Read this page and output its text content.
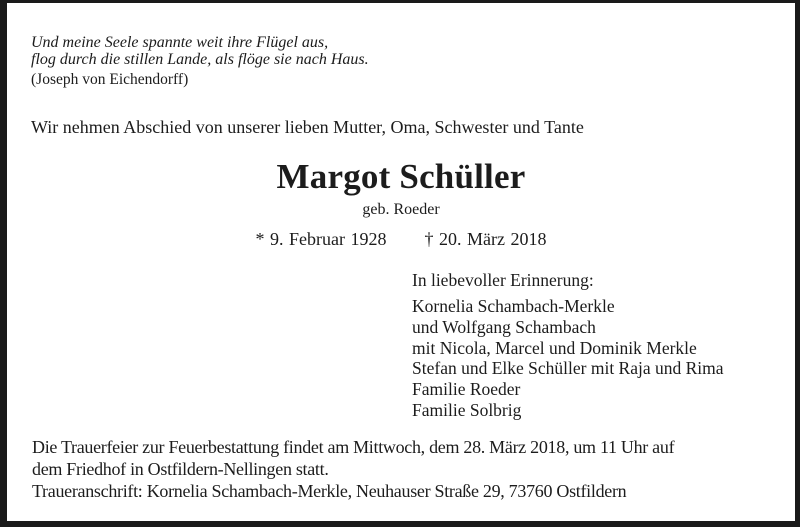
Und meine Seele spannte weit ihre Flügel aus,
flog durch die stillen Lande, als flöge sie nach Haus.
(Joseph von Eichendorff)
Wir nehmen Abschied von unserer lieben Mutter, Oma, Schwester und Tante
Margot Schüller
geb. Roeder
* 9. Februar 1928 † 20. März 2018
In liebevoller Erinnerung:
Kornelia Schambach-Merkle
und Wolfgang Schambach
mit Nicola, Marcel und Dominik Merkle
Stefan und Elke Schüller mit Raja und Rima
Familie Roeder
Familie Solbrig
Die Trauerfeier zur Feuerbestattung findet am Mittwoch, dem 28. März 2018, um 11 Uhr auf
dem Friedhof in Ostfildern-Nellingen statt.
Traueranschrift: Kornelia Schambach-Merkle, Neuhauser Straße 29, 73760 Ostfildern
